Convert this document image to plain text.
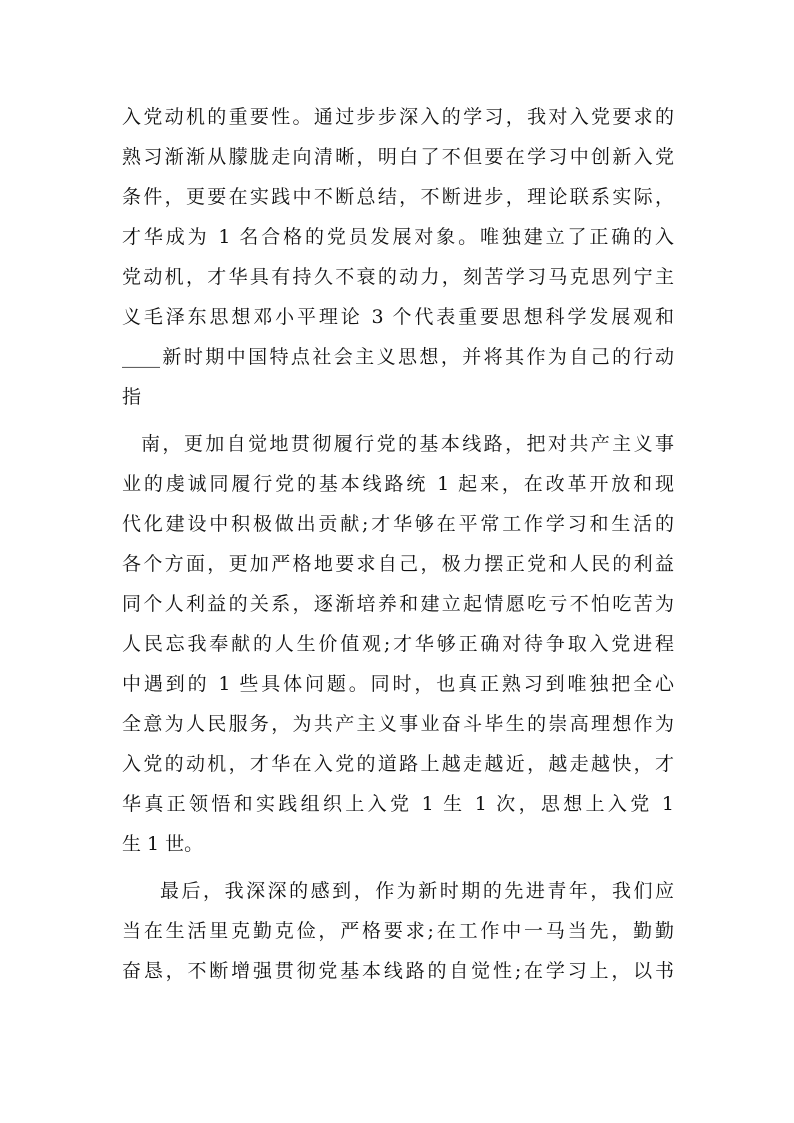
入党动机的重要性。通过步步深入的学习，我对入党要求的
熟习渐渐从朦胧走向清晰，明白了不但要在学习中创新入党
条件，更要在实践中不断总结，不断进步，理论联系实际，
才华成为 1 名合格的党员发展对象。唯独建立了正确的入
党动机，才华具有持久不衰的动力，刻苦学习马克思列宁主
义毛泽东思想邓小平理论 3 个代表重要思想科学发展观和
____新时期中国特点社会主义思想，并将其作为自己的行动
指
南，更加自觉地贯彻履行党的基本线路，把对共产主义事
业的虔诚同履行党的基本线路统 1 起来，在改革开放和现
代化建设中积极做出贡献;才华够在平常工作学习和生活的
各个方面，更加严格地要求自己，极力摆正党和人民的利益
同个人利益的关系，逐渐培养和建立起情愿吃亏不怕吃苦为
人民忘我奉献的人生价值观;才华够正确对待争取入党进程
中遇到的 1 些具体问题。同时，也真正熟习到唯独把全心
全意为人民服务，为共产主义事业奋斗毕生的崇高理想作为
入党的动机，才华在入党的道路上越走越近，越走越快，才
华真正领悟和实践组织上入党 1 生 1 次，思想上入党 1
生 1 世。
最后，我深深的感到，作为新时期的先进青年，我们应
当在生活里克勤克俭，严格要求;在工作中一马当先，勤勤
奋恳，不断增强贯彻党基本线路的自觉性;在学习上，以书
